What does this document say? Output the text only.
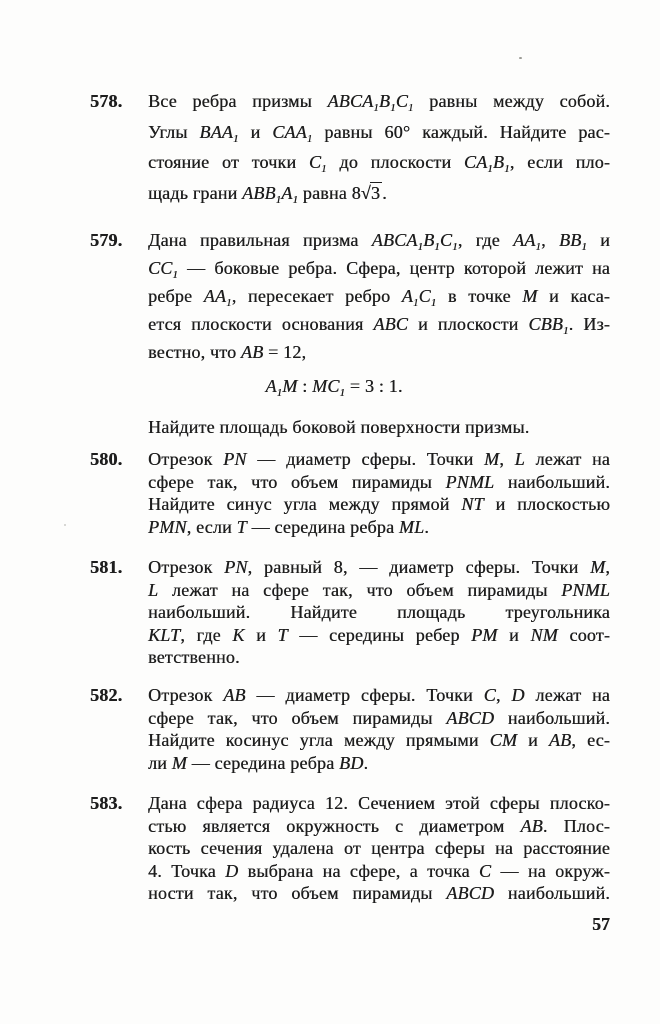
578.	Все ребра призмы $ABCA_1B_1C_1$ равны между собой.
Углы $BAA_1$ и $CAA_1$ равны 60° каждый. Найдите рас-
стояние от точки $C_1$ до плоскости $CA_1B_1$, если пло-
щадь грани $ABB_1A_1$ равна 8√3 .
579.	Дана правильная призма $ABCA_1B_1C_1$, где $AA_1$, $BB_1$ и
$CC_1$ — боковые ребра. Сфера, центр которой лежит на
ребре $AA_1$, пересекает ребро $A_1C_1$ в точке M и каса-
ется плоскости основания ABC и плоскости $CBB_1$. Из-
вестно, что AB = 12,
$A_1M$ : $MC_1 = 3$ : 1.
Найдите площадь боковой поверхности призмы.
580.	Отрезок PN — диаметр сферы. Точки M, L лежат на
сфере так, что объем пирамиды PNML наибольший.
Найдите синус угла между прямой NT и плоскостью
PMN, если T — середина ребра ML.
581.	Отрезок PN, равный 8, — диаметр сферы. Точки M,
L лежат на сфере так, что объем пирамиды PNML
наибольший. Найдите площадь треугольника
KLT, где K и T — середины ребер PM и NM соот-
ветственно.
582.	Отрезок AB — диаметр сферы. Точки C, D лежат на
сфере так, что объем пирамиды ABCD наибольший.
Найдите косинус угла между прямыми CM и AB, ес-
ли M — середина ребра BD.
583.	Дана сфера радиуса 12. Сечением этой сферы плоско-
стью является окружность с диаметром AB. Плос-
кость сечения удалена от центра сферы на расстояние
4. Точка D выбрана на сфере, а точка C — на окруж-
ности так, что объем пирамиды ABCD наибольший.
57
